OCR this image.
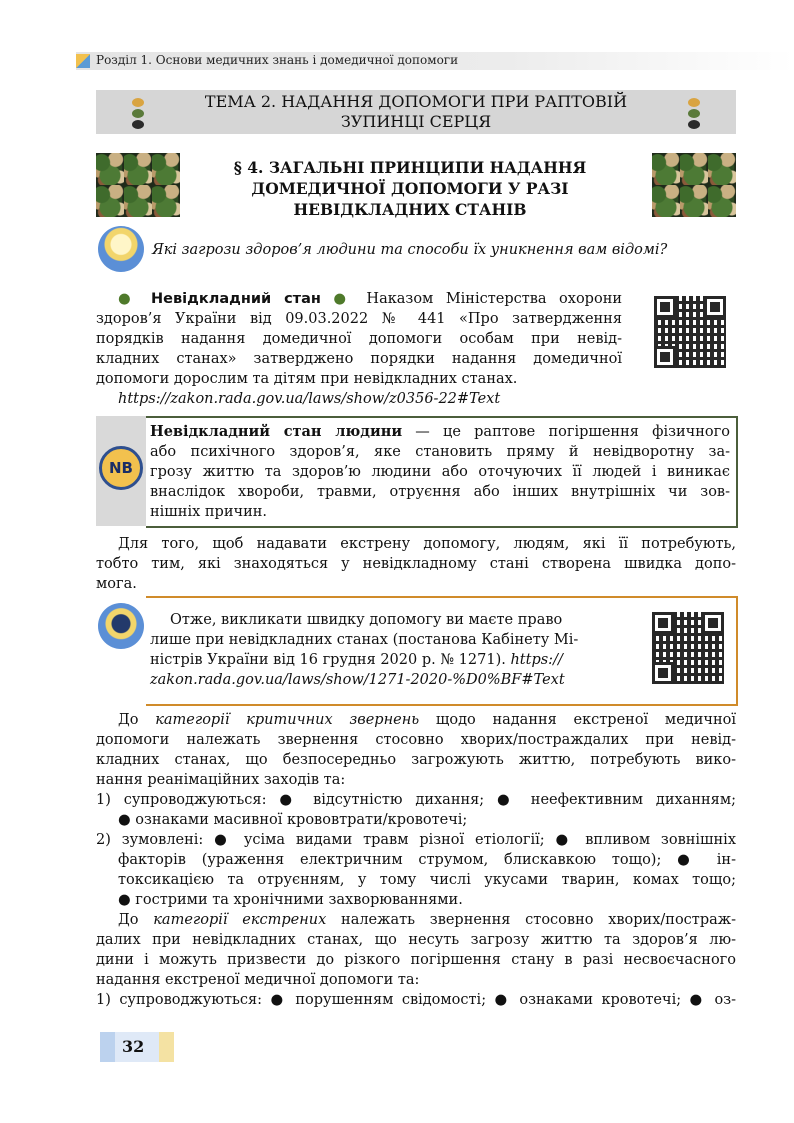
Розділ 1. Основи медичних знань і домедичної допомоги
ТЕМА 2. НАДАННЯ ДОПОМОГИ ПРИ РАПТОВІЙ
ЗУПИНЦІ СЕРЦЯ
§ 4. ЗАГАЛЬНІ ПРИНЦИПИ НАДАННЯ
ДОМЕДИЧНОЇ ДОПОМОГИ У РАЗІ
НЕВІДКЛАДНИХ СТАНІВ
Які загрози здоров’я людини та способи їх уникнення вам відомі?
● Невідкладний стан ● Наказом Міністерства охорони
здоров’я України від 09.03.2022 № 441 «Про затвердження
порядків надання домедичної допомоги особам при невід-
кладних станах» затверджено порядки надання домедичної
допомоги дорослим та дітям при невідкладних станах.
https://zakon.rada.gov.ua/laws/show/z0356-22#Text
NB
Невідкладний стан людини — це раптове погіршення фізичного
або психічного здоров’я, яке становить пряму й невідворотну за-
грозу життю та здоров’ю людини або оточуючих її людей і виникає
внаслідок хвороби, травми, отруєння або інших внутрішніх чи зов-
нішніх причин.
Для того, щоб надавати екстрену допомогу, людям, які її потребують,
тобто тим, які знаходяться у невідкладному стані створена швидка допо-
мога.
Отже, викликати швидку допомогу ви маєте право
лише при невідкладних станах (постанова Кабінету Мі-
ністрів України від 16 грудня 2020 р. № 1271). https://
zakon.rada.gov.ua/laws/show/1271-2020-%D0%BF#Text
До категорії критичних звернень щодо надання екстреної медичної
допомоги належать звернення стосовно хворих/постраждалих при невід-
кладних станах, що безпосередньо загрожують життю, потребують вико-
нання реанімаційних заходів та:
1) супроводжуються: ● відсутністю дихання; ● неефективним диханням;
● ознаками масивної крововтрати/кровотечі;
2) зумовлені: ● усіма видами травм різної етіології; ● впливом зовнішніх
факторів (ураження електричним струмом, блискавкою тощо); ● ін-
токсикацією та отруєнням, у тому числі укусами тварин, комах тощо;
● гострими та хронічними захворюваннями.
До категорії екстрених належать звернення стосовно хворих/постраж-
далих при невідкладних станах, що несуть загрозу життю та здоров’я лю-
дини і можуть призвести до різкого погіршення стану в разі несвоєчасного
надання екстреної медичної допомоги та:
1) супроводжуються: ● порушенням свідомості; ● ознаками кровотечі; ● оз-
32
